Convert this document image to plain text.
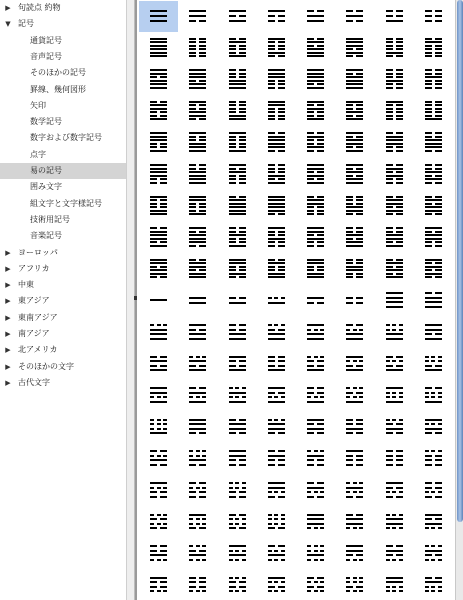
▶ 句読点 約物
▼ 記号
通貨記号
音声記号
そのほかの記号
罫線、幾何図形
矢印
数学記号
数字および数字記号
点字
易の記号
囲み文字
組文字と文字様記号
技術用記号
音楽記号
▶ ヨーロッパ
▶ アフリカ
▶ 中東
▶ 東アジア
▶ 東南アジア
▶ 南アジア
▶ 北アメリカ
▶ そのほかの文字
▶ 古代文字
